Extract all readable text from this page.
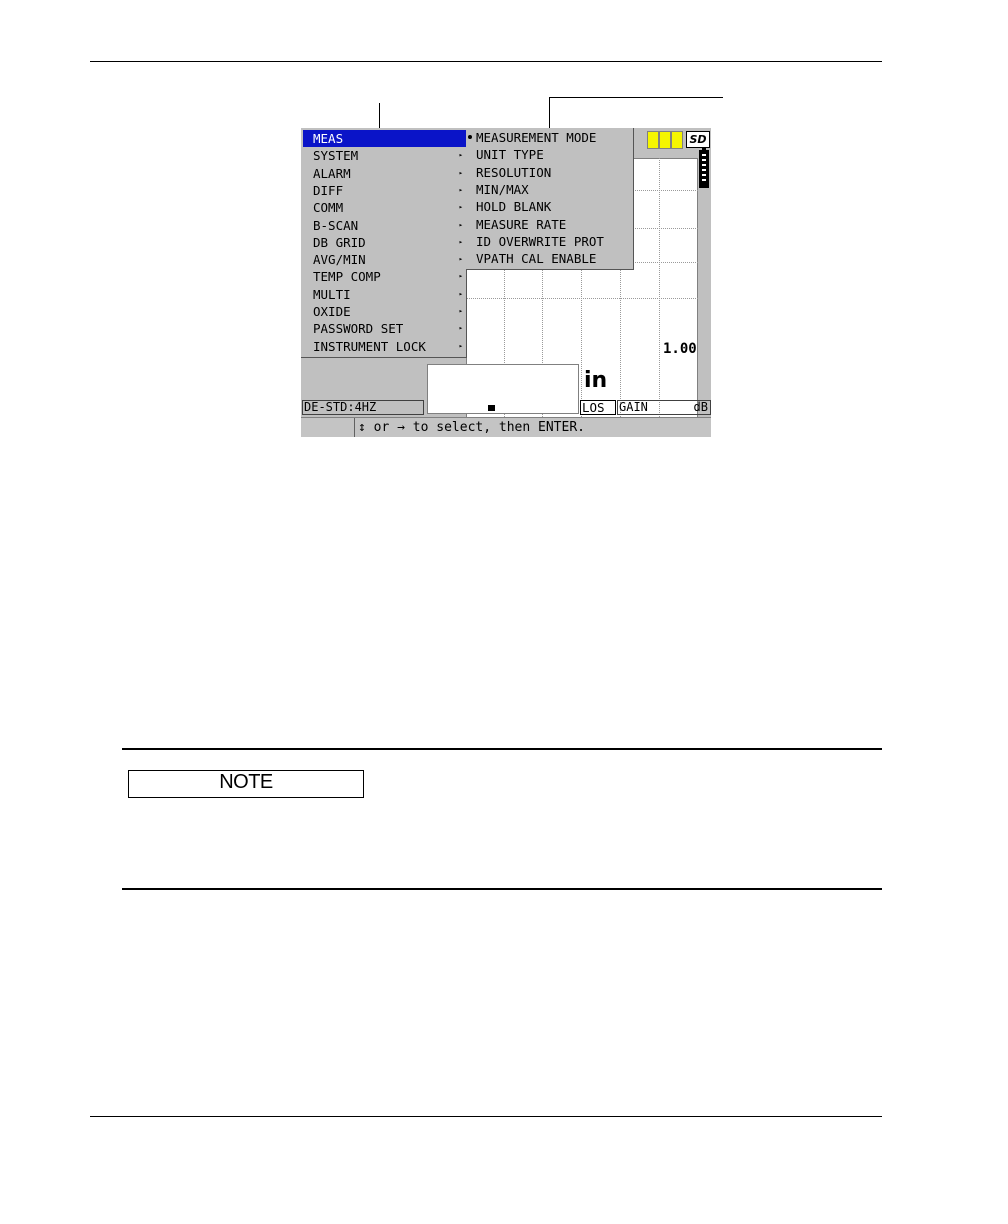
SD
1.00
MEAS
SYSTEM	▸
ALARM	▸
DIFF	▸
COMM	▸
B-SCAN	▸
DB GRID	▸
AVG/MIN	▸
TEMP COMP	▸
MULTI	▸
OXIDE	▸
PASSWORD SET	▸
INSTRUMENT LOCK	▸
MEASUREMENT MODE
UNIT TYPE
RESOLUTION
MIN/MAX
HOLD BLANK
MEASURE RATE
ID OVERWRITE PROT
VPATH CAL ENABLE
in
DE-STD:4HZ	LOS	GAIN	dB
↕ or → to select, then ENTER.
NOTE
